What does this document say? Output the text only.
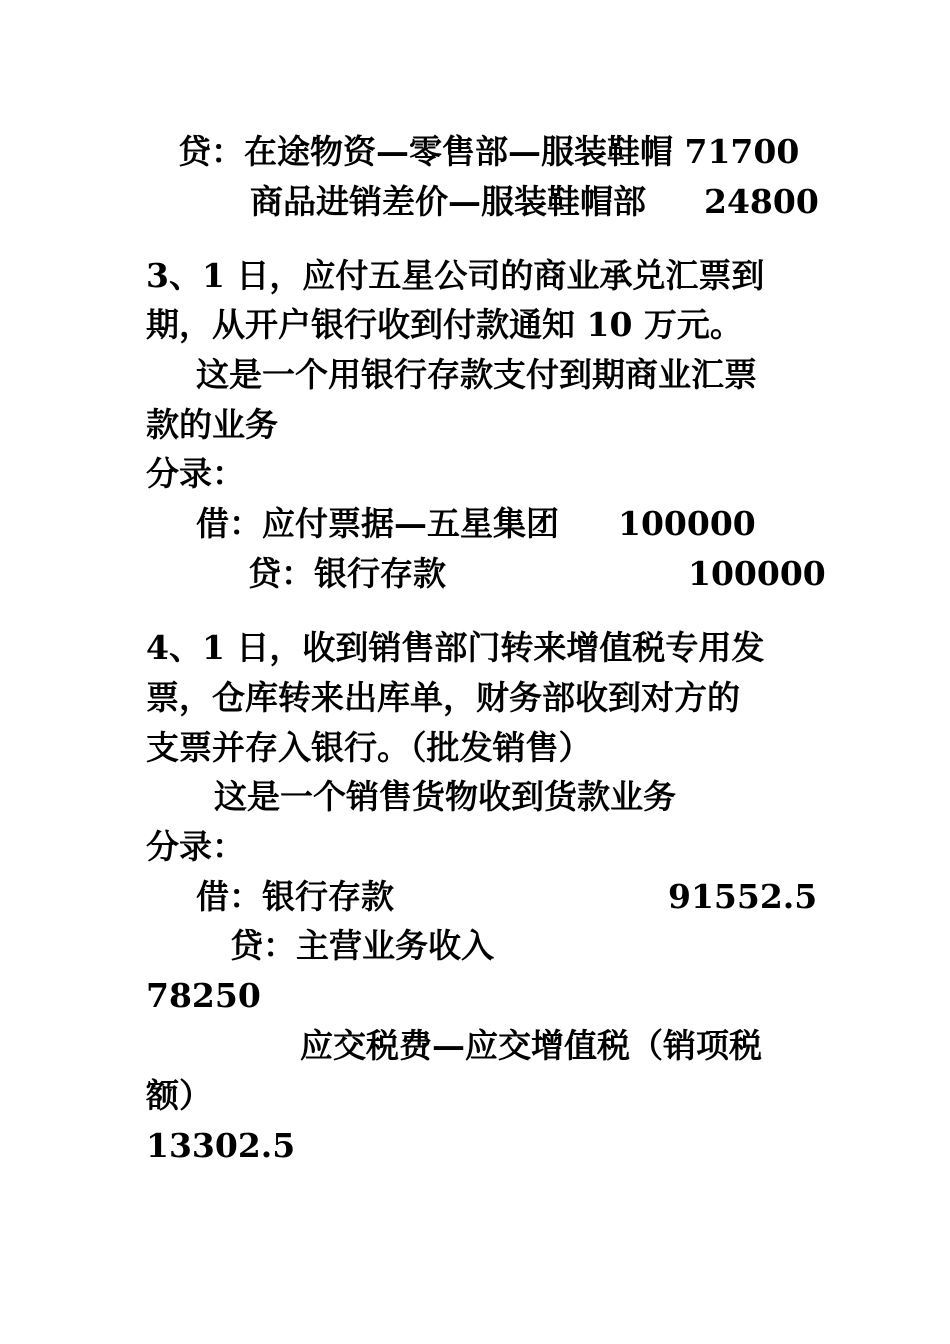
贷：在途物资—零售部—服装鞋帽 71700
商品进销差价—服装鞋帽部 24800
3、1 日，应付五星公司的商业承兑汇票到
期，从开户银行收到付款通知 10 万元。
这是一个用银行存款支付到期商业汇票
款的业务
分录：
借：应付票据—五星集团 100000
贷：银行存款	100000
4、1 日，收到销售部门转来增值税专用发
票，仓库转来出库单，财务部收到对方的
支票并存入银行。（批发销售）
这是一个销售货物收到货款业务
分录：
借：银行存款	91552.5
贷：主营业务收入
78250
应交税费—应交增值税（销项税
额）
13302.5
